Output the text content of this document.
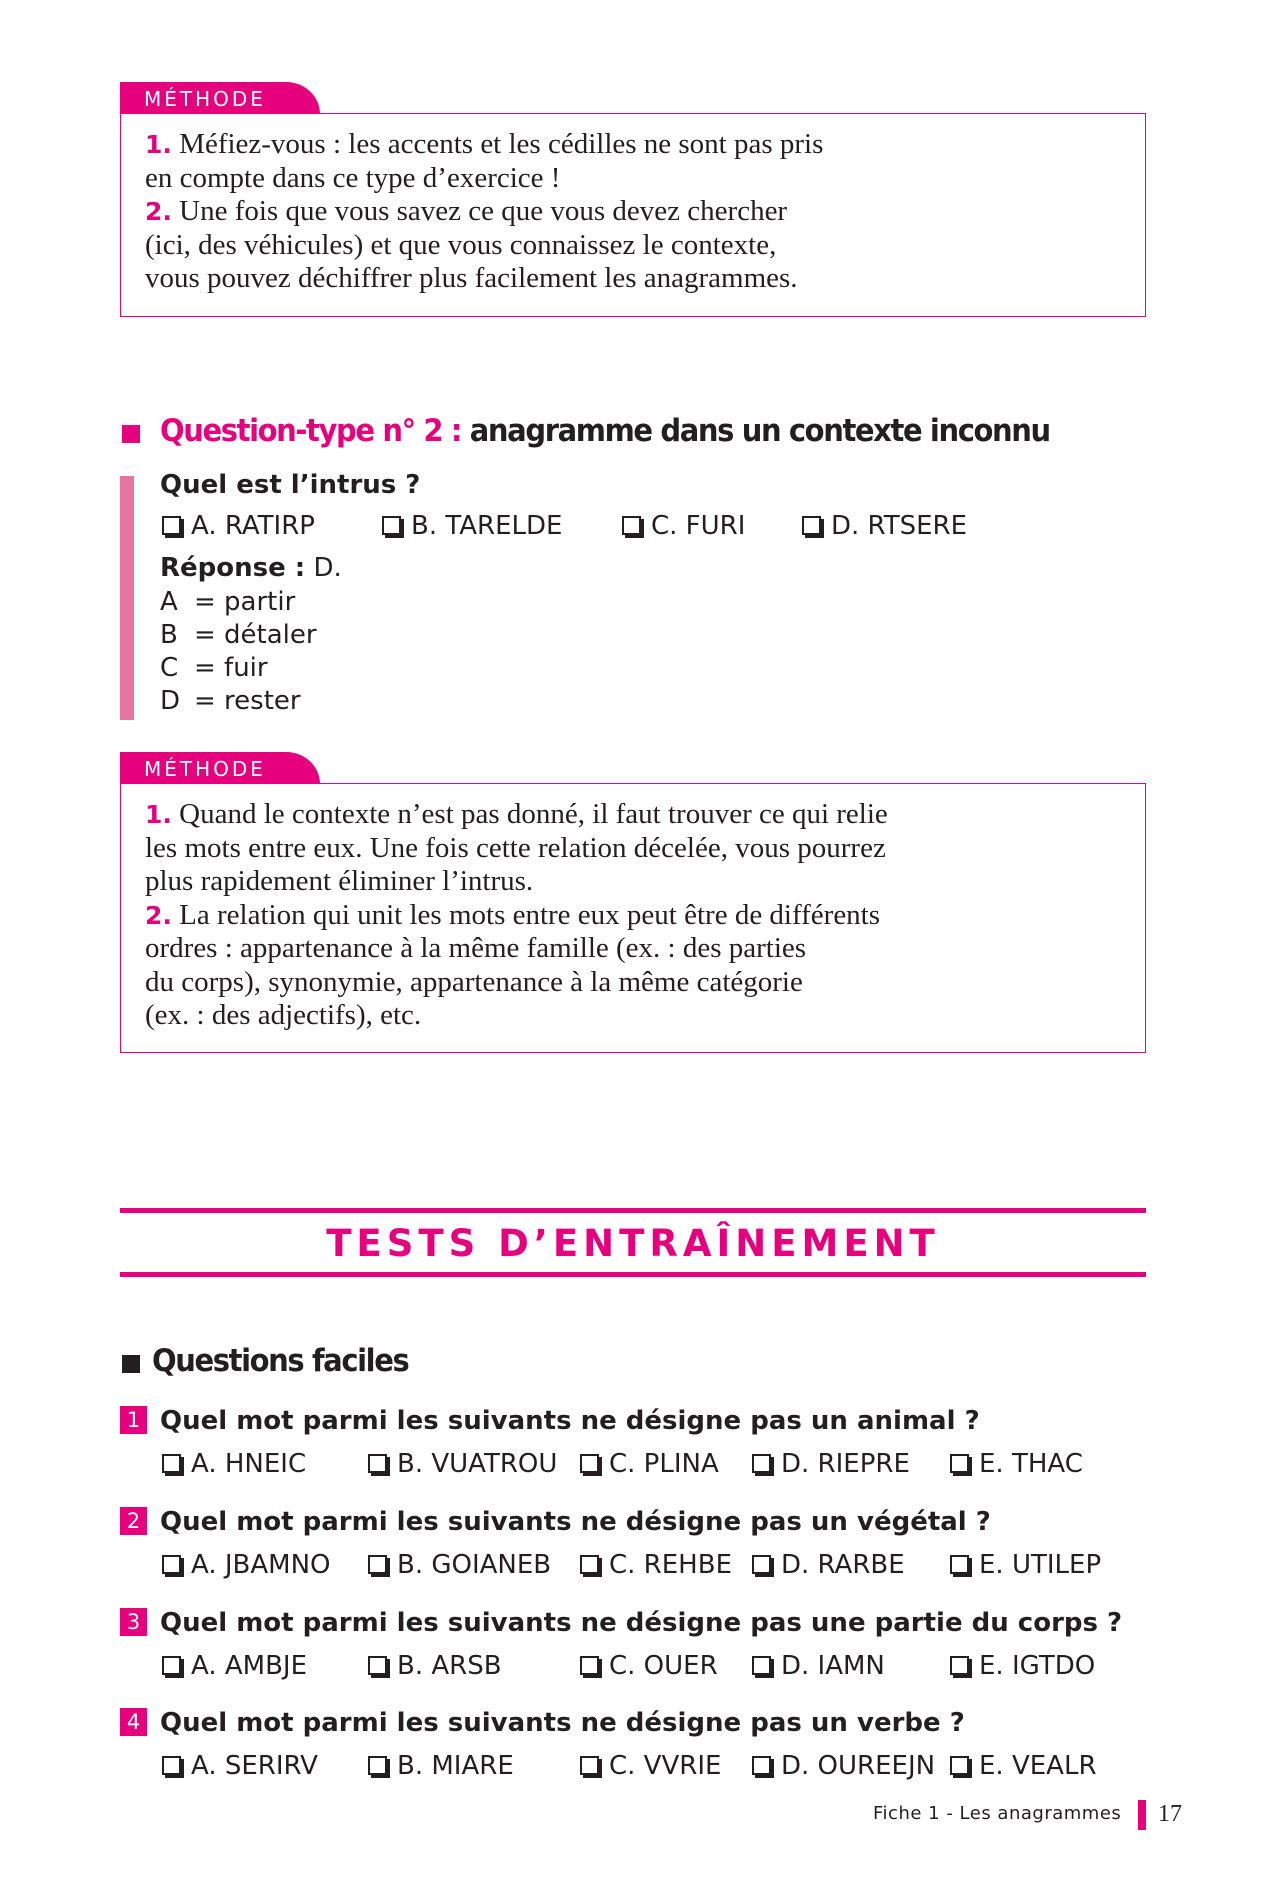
MÉTHODE
1. Méfiez-vous : les accents et les cédilles ne sont pas pris
en compte dans ce type d’exercice !
2. Une fois que vous savez ce que vous devez chercher
(ici, des véhicules) et que vous connaissez le contexte,
vous pouvez déchiffrer plus facilement les anagrammes.
Question-type n° 2 : anagramme dans un contexte inconnu
Quel est l’intrus ?
A. RATIRP	B. TARELDE	C. FURI	D. RTSERE
Réponse : D.
A = partir
B = détaler
C = fuir
D = rester
MÉTHODE
1. Quand le contexte n’est pas donné, il faut trouver ce qui relie
les mots entre eux. Une fois cette relation décelée, vous pourrez
plus rapidement éliminer l’intrus.
2. La relation qui unit les mots entre eux peut être de différents
ordres : appartenance à la même famille (ex. : des parties
du corps), synonymie, appartenance à la même catégorie
(ex. : des adjectifs), etc.
TESTS D’ENTRAÎNEMENT
Questions faciles
1 Quel mot parmi les suivants ne désigne pas un animal ?
A. HNEIC	B. VUATROU	C. PLINA	D. RIEPRE	E. THAC
2 Quel mot parmi les suivants ne désigne pas un végétal ?
A. JBAMNO	B. GOIANEB	C. REHBE	D. RARBE	E. UTILEP
3 Quel mot parmi les suivants ne désigne pas une partie du corps ?
A. AMBJE	B. ARSB	C. OUER	D. IAMN	E. IGTDO
4 Quel mot parmi les suivants ne désigne pas un verbe ?
A. SERIRV	B. MIARE	C. VVRIE	D. OUREEJN	E. VEALR
Fiche 1 - Les anagrammes 17
